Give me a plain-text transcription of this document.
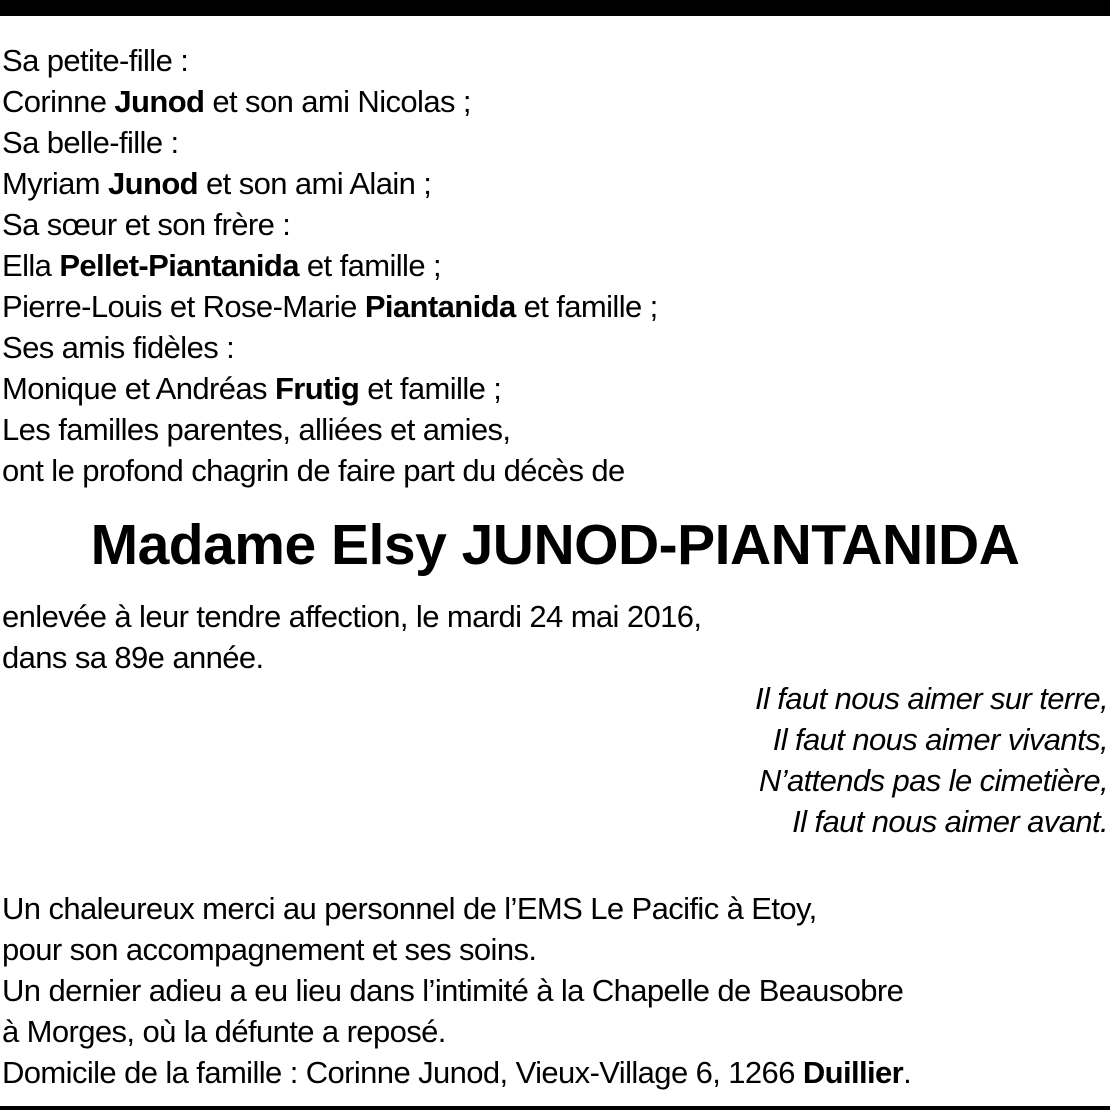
Sa petite-fille :
Corinne Junod et son ami Nicolas ;
Sa belle-fille :
Myriam Junod et son ami Alain ;
Sa sœur et son frère :
Ella Pellet-Piantanida et famille ;
Pierre-Louis et Rose-Marie Piantanida et famille ;
Ses amis fidèles :
Monique et Andréas Frutig et famille ;
Les familles parentes, alliées et amies,
ont le profond chagrin de faire part du décès de
Madame Elsy JUNOD-PIANTANIDA
enlevée à leur tendre affection, le mardi 24 mai 2016,
dans sa 89e année.
Il faut nous aimer sur terre,
Il faut nous aimer vivants,
N’attends pas le cimetière,
Il faut nous aimer avant.
Un chaleureux merci au personnel de l’EMS Le Pacific à Etoy,
pour son accompagnement et ses soins.
Un dernier adieu a eu lieu dans l’intimité à la Chapelle de Beausobre
à Morges, où la défunte a reposé.
Domicile de la famille : Corinne Junod, Vieux-Village 6, 1266 Duillier.
